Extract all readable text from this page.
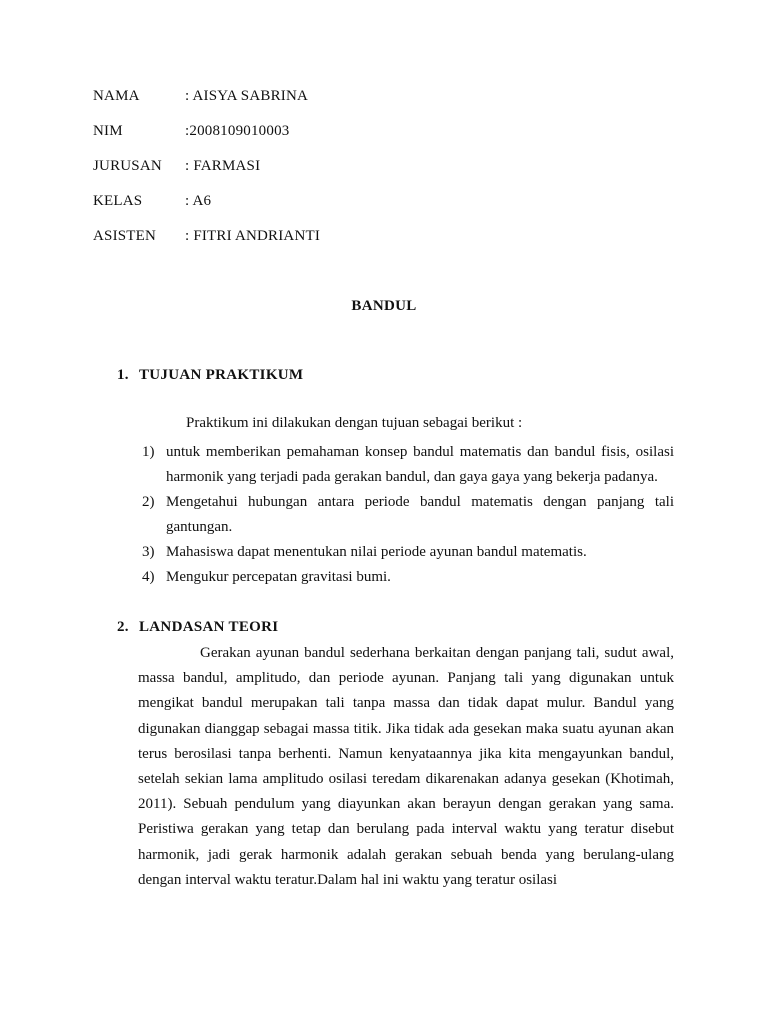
NAMA	: AISYA SABRINA
NIM	:2008109010003
JURUSAN	: FARMASI
KELAS	: A6
ASISTEN	: FITRI ANDRIANTI
BANDUL
1. TUJUAN PRAKTIKUM
Praktikum ini dilakukan dengan tujuan sebagai berikut :
1) untuk memberikan pemahaman konsep bandul matematis dan bandul fisis, osilasi harmonik yang terjadi pada gerakan bandul, dan gaya gaya yang bekerja padanya.
2) Mengetahui hubungan antara periode bandul matematis dengan panjang tali gantungan.
3) Mahasiswa dapat menentukan nilai periode ayunan bandul matematis.
4) Mengukur percepatan gravitasi bumi.
2. LANDASAN TEORI
Gerakan ayunan bandul sederhana berkaitan dengan panjang tali, sudut awal, massa bandul, amplitudo, dan periode ayunan. Panjang tali yang digunakan untuk mengikat bandul merupakan tali tanpa massa dan tidak dapat mulur. Bandul yang digunakan dianggap sebagai massa titik. Jika tidak ada gesekan maka suatu ayunan akan terus berosilasi tanpa berhenti. Namun kenyataannya jika kita mengayunkan bandul, setelah sekian lama amplitudo osilasi teredam dikarenakan adanya gesekan (Khotimah, 2011). Sebuah pendulum yang diayunkan akan berayun dengan gerakan yang sama. Peristiwa gerakan yang tetap dan berulang pada interval waktu yang teratur disebut harmonik, jadi gerak harmonik adalah gerakan sebuah benda yang berulang-ulang dengan interval waktu teratur.Dalam hal ini waktu yang teratur osilasi
